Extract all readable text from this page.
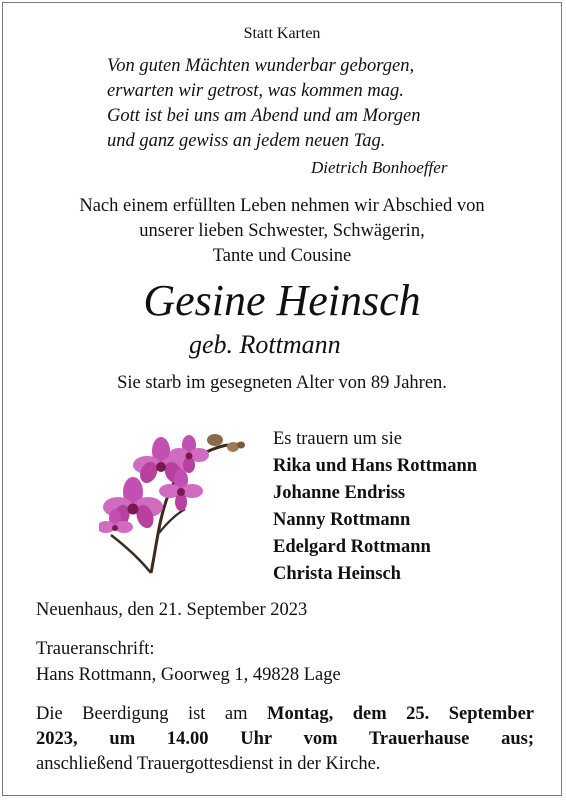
Statt Karten
Von guten Mächten wunderbar geborgen,
erwarten wir getrost, was kommen mag.
Gott ist bei uns am Abend und am Morgen
und ganz gewiss an jedem neuen Tag.
Dietrich Bonhoeffer
Nach einem erfüllten Leben nehmen wir Abschied von
unserer lieben Schwester, Schwägerin,
Tante und Cousine
Gesine Heinsch
geb. Rottmann
Sie starb im gesegneten Alter von 89 Jahren.
Es trauern um sie
Rika und Hans Rottmann
Johanne Endriss
Nanny Rottmann
Edelgard Rottmann
Christa Heinsch
Neuenhaus, den 21. September 2023
Traueranschrift:
Hans Rottmann, Goorweg 1, 49828 Lage
Die Beerdigung ist am Montag, dem 25. September
2023, um 14.00 Uhr vom Trauerhause aus;
anschließend Trauergottesdienst in der Kirche.
